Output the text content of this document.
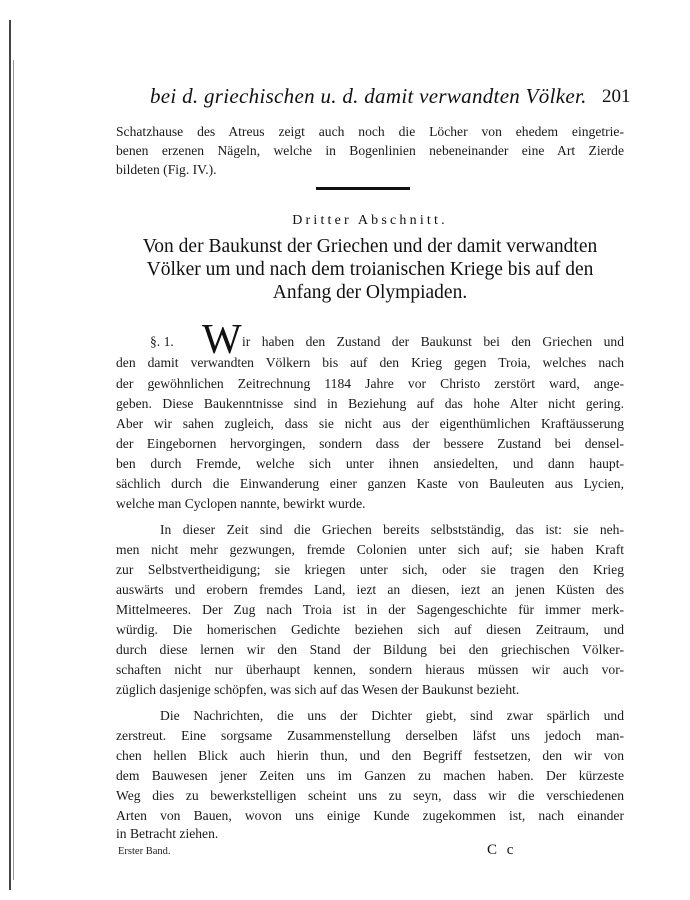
bei d. griechischen u. d. damit verwandten Völker. 201
Schatzhause des Atreus zeigt auch noch die Löcher von ehedem eingetrie-
benen erzenen Nägeln, welche in Bogenlinien nebeneinander eine Art Zierde
bildeten (Fig. IV.).
Dritter Abschnitt.
Von der Baukunst der Griechen und der damit verwandten
Völker um und nach dem troianischen Kriege bis auf den
Anfang der Olympiaden.
§. 1. W ir haben den Zustand der Baukunst bei den Griechen und
den damit verwandten Völkern bis auf den Krieg gegen Troia, welches nach
der gewöhnlichen Zeitrechnung 1184 Jahre vor Christo zerstört ward, ange-
geben. Diese Baukenntnisse sind in Beziehung auf das hohe Alter nicht gering.
Aber wir sahen zugleich, dass sie nicht aus der eigenthümlichen Kraftäusserung
der Eingebornen hervorgingen, sondern dass der bessere Zustand bei densel-
ben durch Fremde, welche sich unter ihnen ansiedelten, und dann haupt-
sächlich durch die Einwanderung einer ganzen Kaste von Bauleuten aus Lycien,
welche man Cyclopen nannte, bewirkt wurde.
In dieser Zeit sind die Griechen bereits selbstständig, das ist: sie neh-
men nicht mehr gezwungen, fremde Colonien unter sich auf; sie haben Kraft
zur Selbstvertheidigung; sie kriegen unter sich, oder sie tragen den Krieg
auswärts und erobern fremdes Land, iezt an diesen, iezt an jenen Küsten des
Mittelmeeres. Der Zug nach Troia ist in der Sagengeschichte für immer merk-
würdig. Die homerischen Gedichte beziehen sich auf diesen Zeitraum, und
durch diese lernen wir den Stand der Bildung bei den griechischen Völker-
schaften nicht nur überhaupt kennen, sondern hieraus müssen wir auch vor-
züglich dasjenige schöpfen, was sich auf das Wesen der Baukunst bezieht.
Die Nachrichten, die uns der Dichter giebt, sind zwar spärlich und
zerstreut. Eine sorgsame Zusammenstellung derselben läfst uns jedoch man-
chen hellen Blick auch hierin thun, und den Begriff festsetzen, den wir von
dem Bauwesen jener Zeiten uns im Ganzen zu machen haben. Der kürzeste
Weg dies zu bewerkstelligen scheint uns zu seyn, dass wir die verschiedenen
Arten von Bauen, wovon uns einige Kunde zugekommen ist, nach einander
in Betracht ziehen.
Erster Band.	C c
